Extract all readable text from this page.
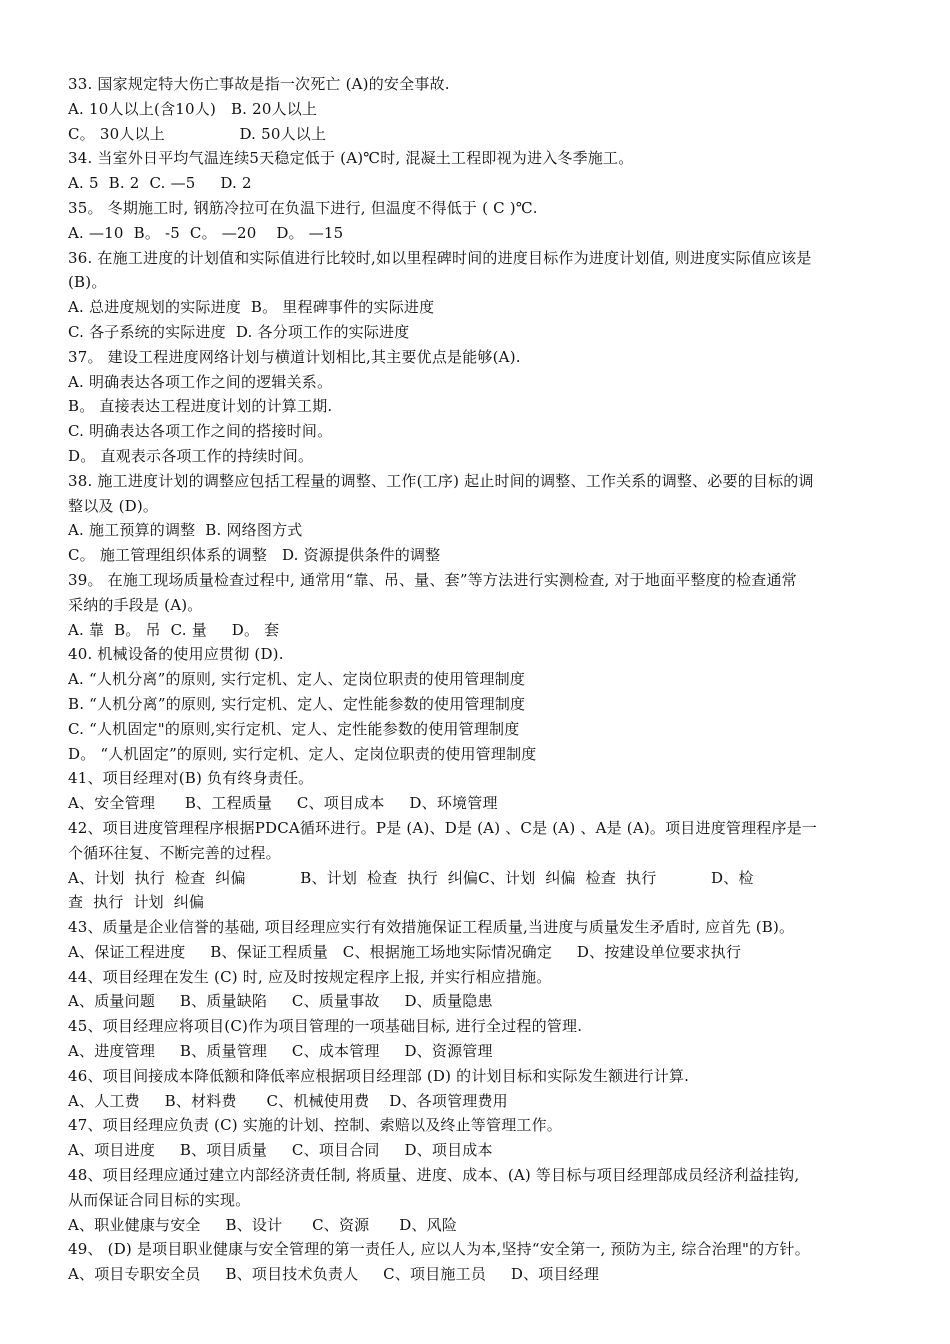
33. 国家规定特大伤亡事故是指一次死亡 (A)的安全事故.
A. 10人以上(含10人)   B. 20人以上
C。 30人以上               D. 50人以上
34. 当室外日平均气温连续5天稳定低于 (A)℃时, 混凝土工程即视为进入冬季施工。
A. 5  B. 2  C. —5     D. 2
35。 冬期施工时, 钢筋冷拉可在负温下进行, 但温度不得低于 ( C )℃.
A. —10  B。 -5  C。 —20    D。 —15
36. 在施工进度的计划值和实际值进行比较时,如以里程碑时间的进度目标作为进度计划值, 则进度实际值应该是
(B)。
A. 总进度规划的实际进度  B。 里程碑事件的实际进度
C. 各子系统的实际进度  D. 各分项工作的实际进度
37。 建设工程进度网络计划与横道计划相比,其主要优点是能够(A).
A. 明确表达各项工作之间的逻辑关系。
B。 直接表达工程进度计划的计算工期.
C. 明确表达各项工作之间的搭接时间。
D。 直观表示各项工作的持续时间。
38. 施工进度计划的调整应包括工程量的调整、工作(工序) 起止时间的调整、工作关系的调整、必要的目标的调
整以及 (D)。
A. 施工预算的调整  B. 网络图方式
C。 施工管理组织体系的调整   D. 资源提供条件的调整
39。 在施工现场质量检查过程中, 通常用“靠、吊、量、套”等方法进行实测检查, 对于地面平整度的检查通常
采纳的手段是 (A)。
A. 靠  B。 吊  C. 量     D。 套
40. 机械设备的使用应贯彻 (D).
A. “人机分离”的原则, 实行定机、定人、定岗位职责的使用管理制度
B. “人机分离”的原则, 实行定机、定人、定性能参数的使用管理制度
C. “人机固定"的原则,实行定机、定人、定性能参数的使用管理制度
D。 “人机固定”的原则, 实行定机、定人、定岗位职责的使用管理制度
41、项目经理对(B) 负有终身责任。
A、安全管理      B、工程质量     C、项目成本     D、环境管理
42、项目进度管理程序根据PDCA循环进行。P是 (A)、D是 (A) 、C是 (A) 、A是 (A)。项目进度管理程序是一
个循环往复、不断完善的过程。
A、计划  执行  检查  纠偏           B、计划  检查  执行  纠偏C、计划  纠偏  检查  执行           D、检
查  执行  计划  纠偏
43、质量是企业信誉的基础, 项目经理应实行有效措施保证工程质量,当进度与质量发生矛盾时, 应首先 (B)。
A、保证工程进度     B、保证工程质量   C、根据施工场地实际情况确定     D、按建设单位要求执行
44、项目经理在发生 (C) 时, 应及时按规定程序上报, 并实行相应措施。
A、质量问题     B、质量缺陷     C、质量事故     D、质量隐患
45、项目经理应将项目(C)作为项目管理的一项基础目标, 进行全过程的管理.
A、进度管理     B、质量管理     C、成本管理     D、资源管理
46、项目间接成本降低额和降低率应根据项目经理部 (D) 的计划目标和实际发生额进行计算.
A、人工费     B、材料费      C、机械使用费    D、各项管理费用
47、项目经理应负责 (C) 实施的计划、控制、索赔以及终止等管理工作。
A、项目进度     B、项目质量     C、项目合同     D、项目成本
48、项目经理应通过建立内部经济责任制, 将质量、进度、成本、(A) 等目标与项目经理部成员经济利益挂钩,
从而保证合同目标的实现。
A、职业健康与安全     B、设计      C、资源      D、风险
49、 (D) 是项目职业健康与安全管理的第一责任人, 应以人为本,坚持“安全第一, 预防为主, 综合治理"的方针。
A、项目专职安全员     B、项目技术负责人     C、项目施工员     D、项目经理
